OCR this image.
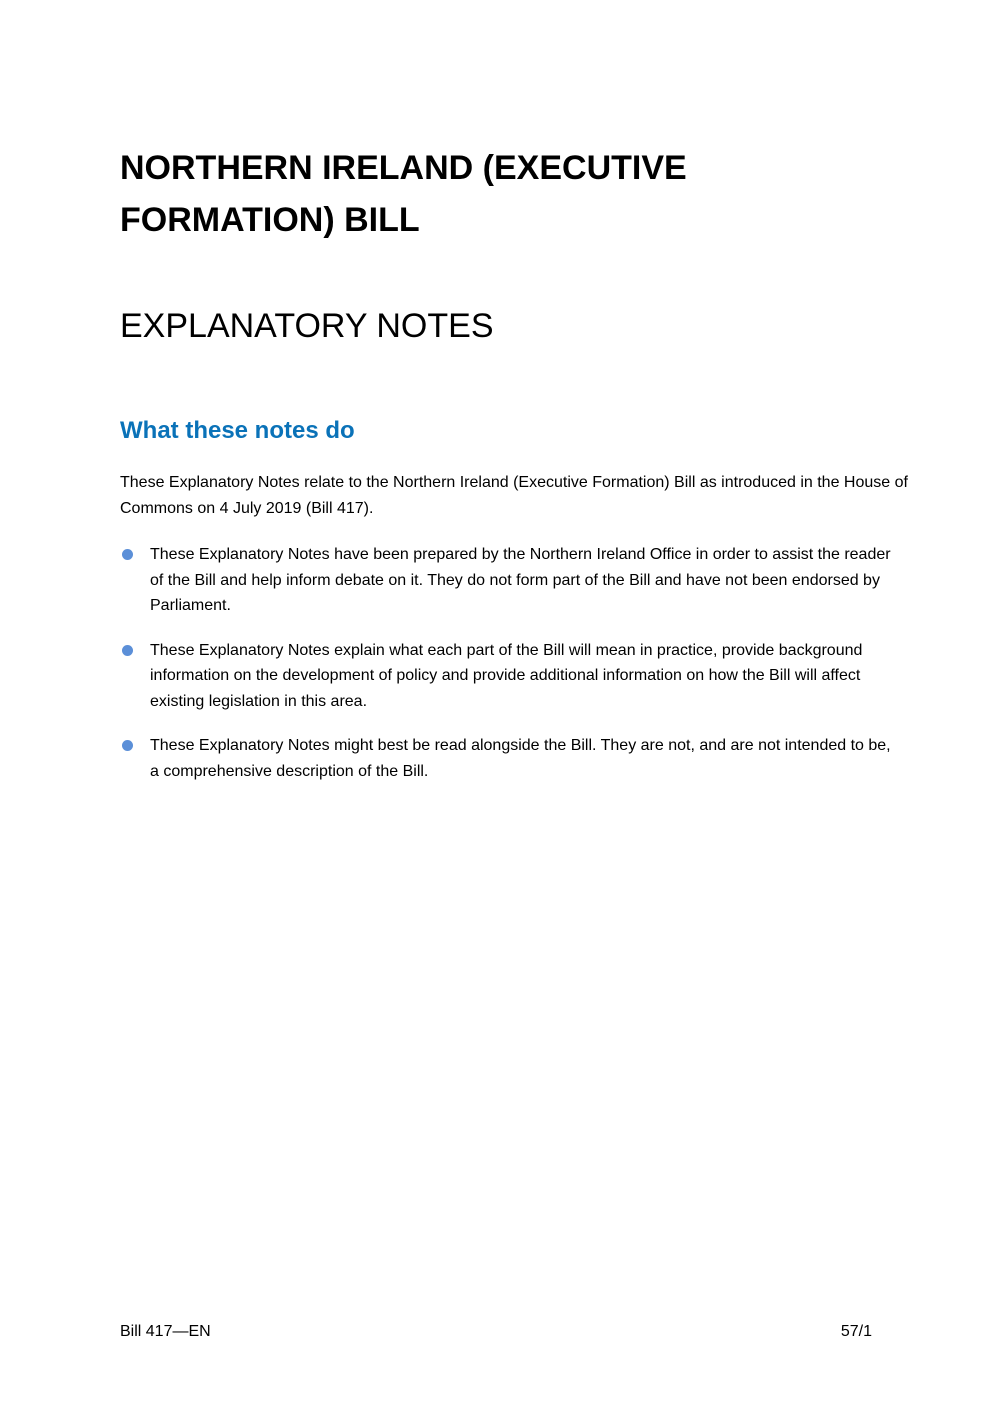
NORTHERN IRELAND (EXECUTIVE FORMATION) BILL
EXPLANATORY NOTES
What these notes do

These Explanatory Notes relate to the Northern Ireland (Executive Formation) Bill as introduced in the House of Commons on 4 July 2019 (Bill 417).

These Explanatory Notes have been prepared by the Northern Ireland Office in order to assist the reader of the Bill and help inform debate on it. They do not form part of the Bill and have not been endorsed by Parliament.
These Explanatory Notes explain what each part of the Bill will mean in practice, provide background information on the development of policy and provide additional information on how the Bill will affect existing legislation in this area.
These Explanatory Notes might best be read alongside the Bill. They are not, and are not intended to be, a comprehensive description of the Bill.
Bill 417—EN	57/1
